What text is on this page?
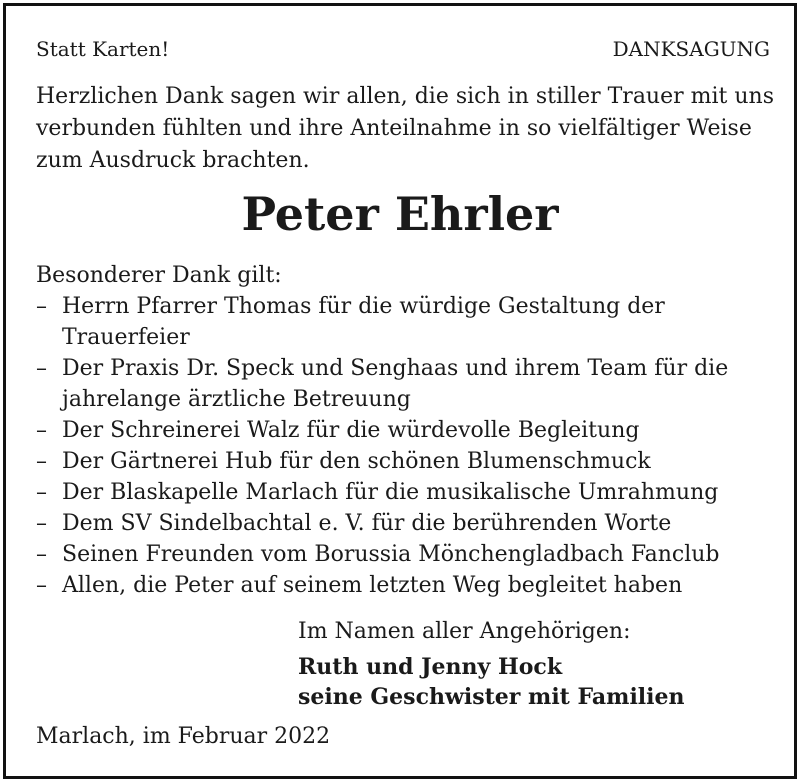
Statt Karten!	DANKSAGUNG
Herzlichen Dank sagen wir allen, die sich in stiller Trauer mit uns verbunden fühlten und ihre Anteilnahme in so vielfältiger Weise zum Ausdruck brachten.
Peter Ehrler
Besonderer Dank gilt:
– Herrn Pfarrer Thomas für die würdige Gestaltung der Trauerfeier
– Der Praxis Dr. Speck und Senghaas und ihrem Team für die jahrelange ärztliche Betreuung
– Der Schreinerei Walz für die würdevolle Begleitung
– Der Gärtnerei Hub für den schönen Blumenschmuck
– Der Blaskapelle Marlach für die musikalische Umrahmung
– Dem SV Sindelbachtal e. V. für die berührenden Worte
– Seinen Freunden vom Borussia Mönchengladbach Fanclub
– Allen, die Peter auf seinem letzten Weg begleitet haben
Im Namen aller Angehörigen:
Ruth und Jenny Hock
seine Geschwister mit Familien
Marlach, im Februar 2022
